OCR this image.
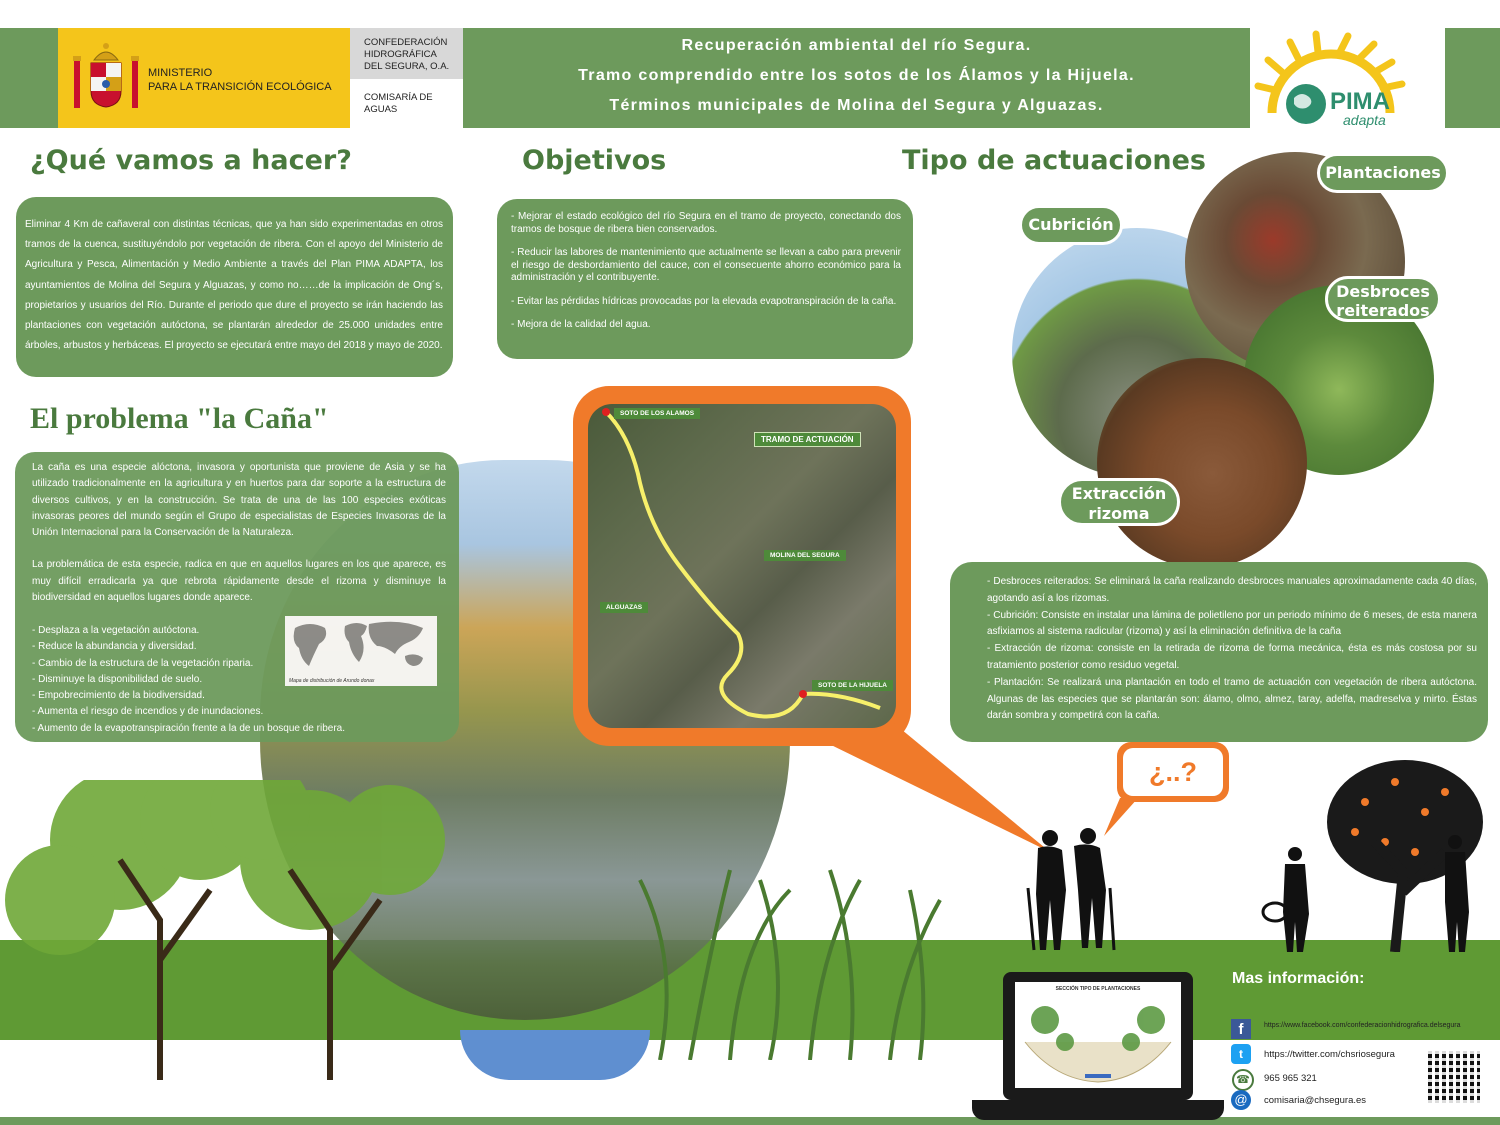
MINISTERIO
PARA LA TRANSICIÓN ECOLÓGICA
CONFEDERACIÓN
HIDROGRÁFICA
DEL SEGURA, O.A.
COMISARÍA DE
AGUAS
Recuperación ambiental del río Segura.
Tramo comprendido entre los sotos de los Álamos y la Hijuela.
Términos municipales de Molina del Segura y Alguazas.	PIMA
adapta
¿Qué vamos a hacer?
Eliminar 4 Km de cañaveral con distintas técnicas, que ya han sido experimentadas en otros tramos de la cuenca, sustituyéndolo por vegetación de ribera. Con el apoyo del Ministerio de Agricultura y Pesca, Alimentación y Medio Ambiente a través del Plan PIMA ADAPTA, los ayuntamientos de Molina del Segura y Alguazas, y como no……de la implicación de Ong´s, propietarios y usuarios del Río. Durante el periodo que dure el proyecto se irán haciendo las plantaciones con vegetación autóctona, se plantarán alrededor de 25.000 unidades entre árboles, arbustos y herbáceas. El proyecto se ejecutará entre mayo del 2018 y mayo de 2020.
Objetivos
- Mejorar el estado ecológico del río Segura en el tramo de proyecto, conectando dos tramos de bosque de ribera bien conservados.
- Reducir las labores de mantenimiento que actualmente se llevan a cabo para prevenir el riesgo de desbordamiento del cauce, con el consecuente ahorro económico para la administración y el contribuyente.
- Evitar las pérdidas hídricas provocadas por la elevada evapotranspiración de la caña.
- Mejora de la calidad del agua.
Tipo de actuaciones	Plantaciones
Cubrición
Desbroces
reiterados
Extracción
rizoma
- Desbroces reiterados: Se eliminará la caña realizando desbroces manuales aproximadamente cada 40 días, agotando así a los rizomas.
- Cubrición: Consiste en instalar una lámina de polietileno por un periodo mínimo de 6 meses, de esta manera asfixiamos al sistema radicular (rizoma) y así la eliminación definitiva de la caña
- Extracción de rizoma: consiste en la retirada de rizoma de forma mecánica, ésta es más costosa por su tratamiento posterior como residuo vegetal.
- Plantación: Se realizará una plantación en todo el tramo de actuación con vegetación de ribera autóctona. Algunas de las especies que se plantarán son: álamo, olmo, almez, taray, adelfa, madreselva y mirto. Éstas darán sombra y competirá con la caña.
El problema "la Caña"
La caña es una especie alóctona, invasora y oportunista que proviene de Asia y se ha utilizado tradicionalmente en la agricultura y en huertos para dar soporte a la estructura de diversos cultivos, y en la construcción. Se trata de una de las 100 especies exóticas invasoras peores del mundo según el Grupo de especialistas de Especies Invasoras de la Unión Internacional para la Conservación de la Naturaleza.
La problemática de esta especie, radica en que en aquellos lugares en los que aparece, es muy difícil erradicarla ya que rebrota rápidamente desde el rizoma y disminuye la biodiversidad en aquellos lugares donde aparece.
- Desplaza a la vegetación autóctona.
- Reduce la abundancia y diversidad.
- Cambio de la estructura de la vegetación riparia.
- Disminuye la disponibilidad de suelo.
- Empobrecimiento de la biodiversidad.
- Aumenta el riesgo de incendios y de inundaciones.
- Aumento de la evapotranspiración frente a la de un bosque de ribera.
Mapa de distribución de Arundo donax
SOTO DE LOS ALAMOS
TRAMO DE ACTUACIÓN
MOLINA DEL SEGURA
ALGUAZAS
SOTO DE LA HIJUELA
¿..?
SECCIÓN TIPO DE PLANTACIONES
Mas información:
f	https://www.facebook.com/confederacionhidrografica.delsegura
t	https://twitter.com/chsriosegura
☎	965 965 321
@	comisaria@chsegura.es
